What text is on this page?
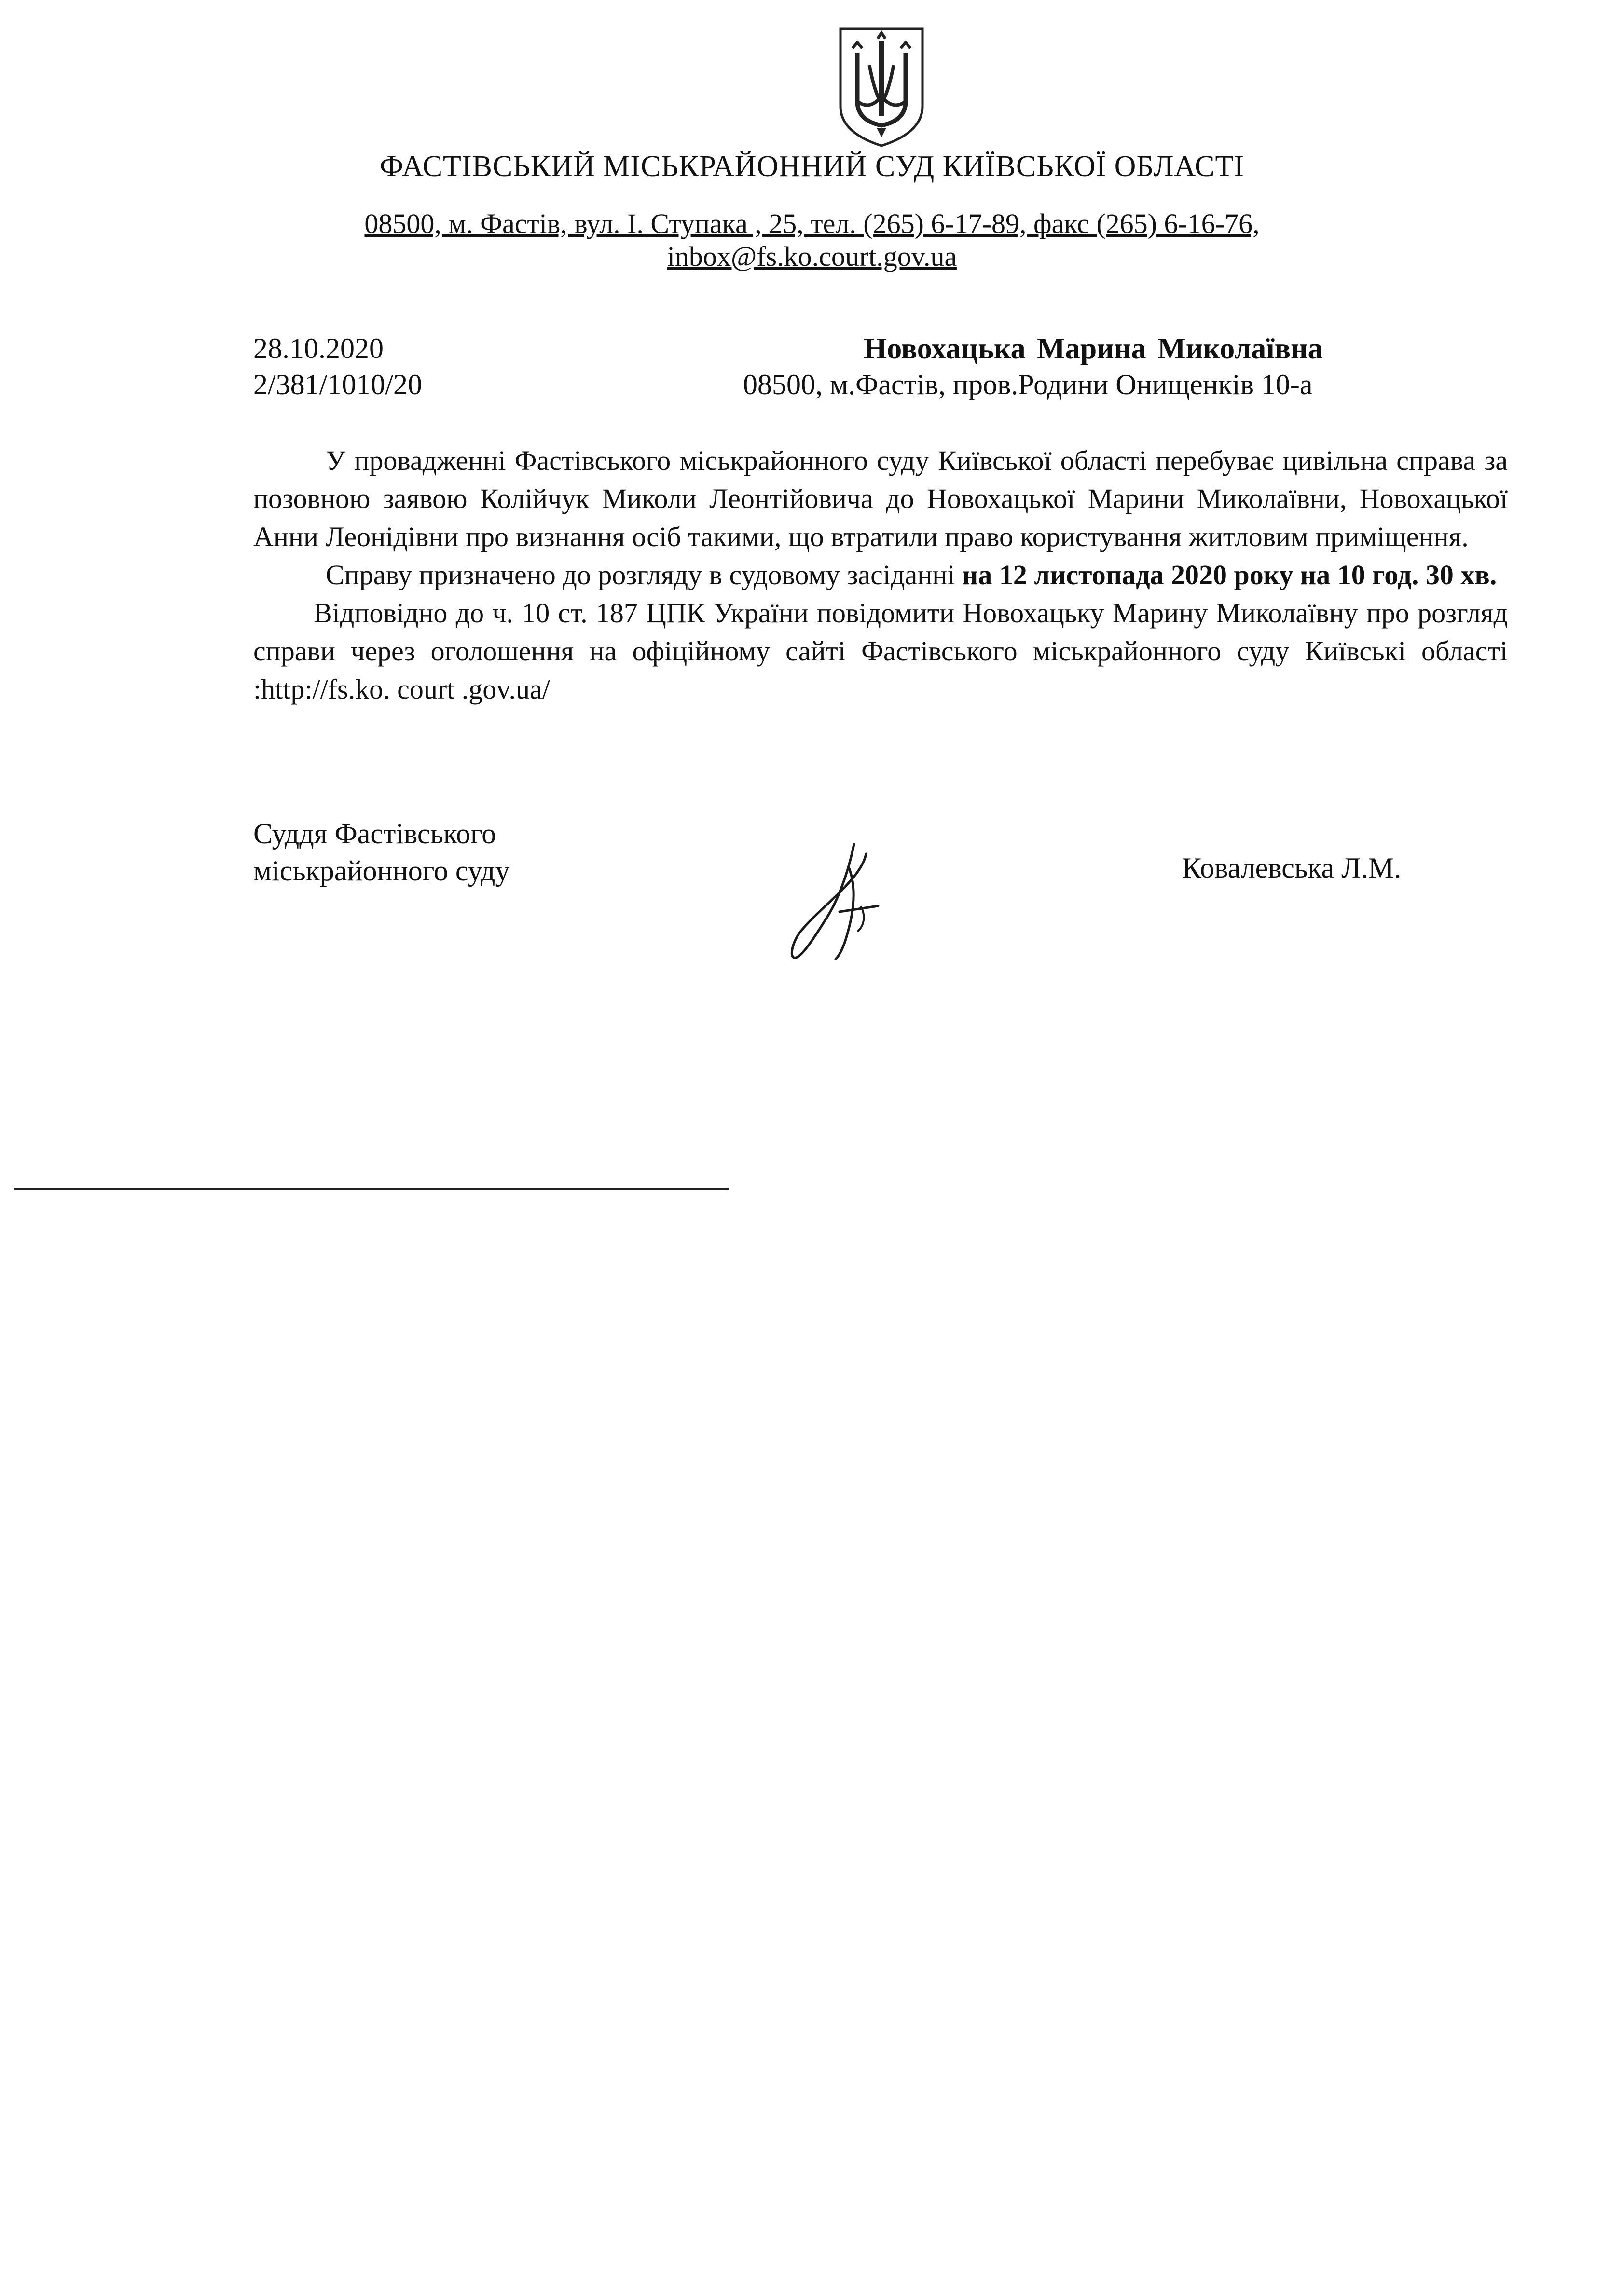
ФАСТІВСЬКИЙ МІСЬКРАЙОННИЙ СУД КИЇВСЬКОЇ ОБЛАСТІ
08500, м. Фастів, вул. І. Ступака , 25, тел. (265) 6-17-89, факс (265) 6-16-76,
inbox@fs.ko.court.gov.ua
28.10.2020
2/381/1010/20
Новохацька Марина Миколаївна
08500, м.Фастів, пров.Родини Онищенків 10-а

У провадженні Фастівського міськрайонного суду Київської області перебуває цивільна справа за позовною заявою Колійчук Миколи Леонтійовича до Новохацької Марини Миколаївни, Новохацької Анни Леонідівни про визнання осіб такими, що втратили право користування житловим приміщення.

Справу призначено до розгляду в судовому засіданні на 12 листопада 2020 року на 10 год. 30 хв.

Відповідно до ч. 10 ст. 187 ЦПК України повідомити Новохацьку Марину Миколаївну про розгляд справи через оголошення на офіційному сайті Фастівського міськрайонного суду Київські області :http://fs.ko. court .gov.ua/

Суддя Фастівського
міськрайонного суду	Ковалевська Л.М.
